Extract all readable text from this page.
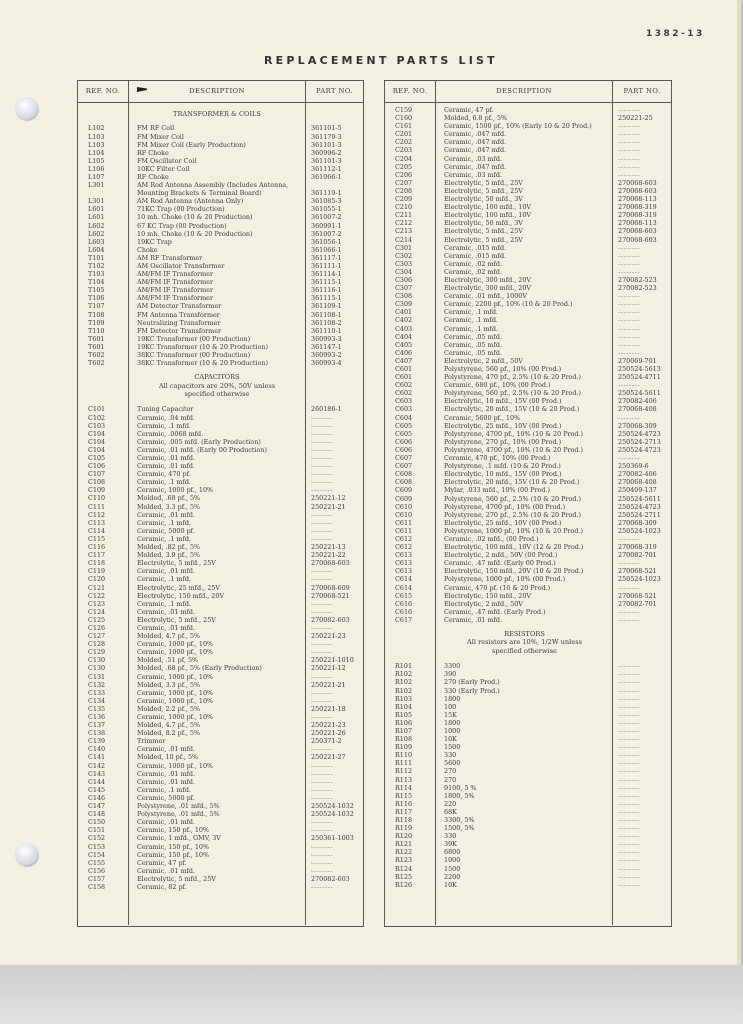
1382-13
REPLACEMENT PARTS LIST
REF. NO.	DESCRIPTION	PART NO.
TRANSFORMER & COILS
L102	FM RF Coil	361101-5
L103	FM Mixer Coil	361179-3
L103	FM Mixer Coil (Early Production)	361101-3
L104	RF Choke	360996-2
L105	FM Oscillator Coil	361101-3
L106	10KC Filter Coil	361112-1
L107	RF Choke	361066-1
L301	AM Rod Antenna Assembly (Includes Antenna,
Mounting Brackets & Terminal Board)	361119-1
L301	AM Rod Antenna (Antenna Only)	361085-3
L601	71KC Trap (00 Production)	361055-1
L601	10 mh. Choke (10 & 20 Production)	361007-2
L602	67 KC Trap (00 Production)	360991-1
L602	10 mh. Choke (10 & 20 Production)	361007-2
L603	19KC Trap	361056-1
L604	Choke	361066-1
T101	AM RF Transformer	361117-1
T102	AM Oscillator Transformer	361111-1
T103	AM/FM IF Transformer	361114-1
T104	AM/FM IF Transformer	361115-1
T105	AM/FM IF Transformer	361116-1
T106	AM/FM IF Transformer	361115-1
T107	AM Detector Transformer	361109-1
T108	FM Antenna Transformer	361108-1
T109	Neutralizing Transformer	361108-2
T110	FM Detector Transformer	361110-1
T601	19KC Transformer (00 Production)	360993-3
T601	19KC Transformer (10 & 20 Production)	361147-1
T602	38KC Transformer (00 Production)	360993-2
T602	38KC Transformer (10 & 20 Production)	360993-4
CAPACITORS
All capacitors are 20%, 50V unless
specified otherwise
C101	Tuning Capacitor	260186-1
C102	Ceramic, .04 mfd.	--------
C103	Ceramic, .1 mfd.	--------
C104	Ceramic, .0068 mfd.	--------
C104	Ceramic, .005 mfd. (Early Production)	--------
C104	Ceramic, .01 mfd. (Early 00 Production)	--------
C105	Ceramic, .01 mfd.	--------
C106	Ceramic, .01 mfd.	--------
C107	Ceramic, 470 pf.	--------
C108	Ceramic, .1 mfd.	--------
C109	Ceramic, 1000 pf., 10%	--------
C110	Molded, .68 pf., 5%	250221-12
C111	Molded, 3.3 pf., 5%	250221-21
C112	Ceramic, .01 mfd.	--------
C113	Ceramic, .1 mfd.	--------
C114	Ceramic, 5000 pf.	--------
C115	Ceramic, .1 mfd.	--------
C116	Molded, .82 pf., 5%	250221-13
C117	Molded, 3.9 pf., 5%	250221-22
C118	Electrolytic, 5 mfd., 25V	270068-603
C119	Ceramic, .01 mfd.	--------
C120	Ceramic, .1 mfd.	--------
C121	Electrolytic, 25 mfd., 25V	270068-609
C122	Electrolytic, 150 mfd., 20V	270068-521
C123	Ceramic, .1 mfd.	--------
C124	Ceramic, .01 mfd.	--------
C125	Electrolytic, 5 mfd., 25V	270082-603
C126	Ceramic, .01 mfd.	--------
C127	Molded, 4.7 pf., 5%	250221-23
C128	Ceramic, 1000 pf., 10%	--------
C129	Ceramic, 1000 pf., 10%	--------
C130	Molded, .51 pf, 5%	250221-1010
C130	Molded, .68 pf., 5% (Early Production)	250221-12
C131	Ceramic, 1000 pf., 10%	--------
C132	Molded, 3.3 pf., 5%	250221-21
C133	Ceramic, 1000 pf., 10%	--------
C134	Ceramic, 1000 pf., 10%	--------
C135	Molded, 2.2 pf., 5%	250221-18
C136	Ceramic, 1000 pf., 10%	--------
C137	Molded, 4.7 pf., 5%	250221-23
C138	Molded, 8.2 pf., 5%	250221-26
C139	Trimmer	250371-2
C140	Ceramic, .01 mfd.	--------
C141	Molded, 10 pf., 5%	250221-27
C142	Ceramic, 1000 pf., 10%	--------
C143	Ceramic, .01 mfd.	--------
C144	Ceramic, .01 mfd.	--------
C145	Ceramic, .1 mfd.	--------
C146	Ceramic, 5000 pf.	--------
C147	Polystyrene, .01 mfd., 5%	250524-1032
C148	Polystyrene, .01 mfd., 5%	250524-1032
C150	Ceramic, .01 mfd.	--------
C151	Ceramic, 150 pf., 10%	--------
C152	Ceramic, 1 mfd., GMV, 3V	250361-1003
C153	Ceramic, 150 pf., 10%	--------
C154	Ceramic, 150 pf., 10%	--------
C155	Ceramic, 47 pf.	--------
C156	Ceramic, .01 mfd.	--------
C157	Electrolytic, 5 mfd., 25V	270082-603
C158	Ceramic, 82 pf.	--------
REF. NO.	DESCRIPTION	PART NO.
C159	Ceramic, 47 pf.	--------
C160	Molded, 6.8 pf., 5%	250221-25
C161	Ceramic, 1500 pf., 10% (Early 10 & 20 Prod.)	--------
C201	Ceramic, .047 mfd.	--------
C202	Ceramic, .047 mfd.	--------
C203	Ceramic, .047 mfd.	--------
C204	Ceramic, .03 mfd.	--------
C205	Ceramic, .047 mfd.	--------
C206	Ceramic, .03 mfd.	--------
C207	Electrolytic, 5 mfd., 25V	270068-603
C208	Electrolytic, 5 mfd., 25V	270068-603
C209	Electrolytic, 50 mfd., 3V	270068-113
C210	Electrolytic, 100 mfd., 10V	270068-319
C211	Electrolytic, 100 mfd., 10V	270068-319
C212	Electrolytic, 50 mfd., 3V	270068-113
C213	Electrolytic, 5 mfd., 25V	270068-603
C214	Electrolytic, 5 mfd., 25V	270068-603
C301	Ceramic, .015 mfd.	--------
C302	Ceramic, .015 mfd.	--------
C303	Ceramic, .02 mfd.	--------
C304	Ceramic, .02 mfd.	--------
C306	Electrolytic, 300 mfd., 20V	270082-523
C307	Electrolytic, 300 mfd., 20V	270082-523
C308	Ceramic, .01 mfd., 1000V	--------
C309	Ceramic, 2200 pf., 10% (10 & 20 Prod.)	--------
C401	Ceramic, .1 mfd.	--------
C402	Ceramic, .1 mfd.	--------
C403	Ceramic, .1 mfd.	--------
C404	Ceramic, .05 mfd.	--------
C405	Ceramic, .05 mfd.	--------
C406	Ceramic, .05 mfd.	--------
C407	Electrolytic, 2 mfd., 50V	270069-701
C601	Polystyrene, 560 pf., 10% (00 Prod.)	250524-5613
C601	Polystyrene, 470 pf., 2.5% (10 & 20 Prod.)	250524-4711
C602	Ceramic, 680 pf., 10% (00 Prod.)	--------
C602	Polystyrene, 560 pf., 2.5% (10 & 20 Prod.)	250524-5611
C603	Electrolytic, 10 mfd., 15V (00 Prod.)	270082-406
C603	Electrolytic, 20 mfd., 15V (10 & 20 Prod.)	270068-408
C604	Ceramic, 5600 pf., 10%	--------
C605	Electrolytic, 25 mfd., 10V (00 Prod.)	270068-309
C605	Polystyrene, 4700 pf., 10% (10 & 20 Prod.)	250524-4723
C606	Polystyrene, 270 pf., 10% (00 Prod.)	250524-2713
C606	Polystyrene, 4700 pf., 10% (10 & 20 Prod.)	250524-4723
C607	Ceramic, 470 pf., 10% (00 Prod.)	--------
C607	Polystyrene, .1 mfd. (10 & 20 Prod.)	250369-6
C608	Electrolytic, 10 mfd., 15V (00 Prod.)	270082-406
C608	Electrolytic, 20 mfd., 15V (10 & 20 Prod.)	270068-408
C609	Mylar, .033 mfd., 10% (00 Prod.)	250409-137
C609	Polystyrene, 560 pf., 2.5% (10 & 20 Prod.)	250524-5611
C610	Polystyrene, 4700 pf., 10% (00 Prod.)	250524-4723
C610	Polystyrene, 270 pf., 2.5% (10 & 20 Prod.)	250524-2711
C611	Electrolytic, 25 mfd., 10V (00 Prod.)	270068-309
C611	Polystyrene, 1000 pf., 10% (10 & 20 Prod.)	250524-1023
C612	Ceramic, .02 mfd., (00 Prod.)	--------
C612	Electrolytic, 100 mfd., 10V (12 & 20 Prod.)	270068-319
C613	Electrolytic, 2 mfd., 50V (00 Prod.)	270082-701
C613	Ceramic, .47 mfd. (Early 00 Prod.)	--------
C613	Electrolytic, 150 mfd., 20V (10 & 20 Prod.)	270068-521
C614	Polystyrene, 1000 pf., 10% (00 Prod.)	250524-1023
C614	Ceramic, 470 pf. (10 & 20 Prod.)	--------
C615	Electrolytic, 150 mfd., 20V	270068-521
C616	Electrolytic, 2 mfd., 50V	270082-701
C616	Ceramic, .47 mfd. (Early Prod.)	--------
C617	Ceramic, .01 mfd.	--------
RESISTORS
All resistors are 10%, 1/2W unless
specified otherwise
R101	3300	--------
R102	390	--------
R102	270 (Early Prod.)	--------
R102	330 (Early Prod.)	--------
R103	1800	--------
R104	100	--------
R105	15K	--------
R106	1800	--------
R107	1000	--------
R108	10K	--------
R109	1500	--------
R110	330	--------
R111	5600	--------
R112	270	--------
R113	270	--------
R114	9100, 5 %	--------
R115	1800, 5%	--------
R116	220	--------
R117	68K	--------
R118	3300, 5%	--------
R119	1500, 5%	--------
R120	330	--------
R121	39K	--------
R122	6800	--------
R123	1000	--------
R124	1500	--------
R125	2200	--------
R126	10K	--------
